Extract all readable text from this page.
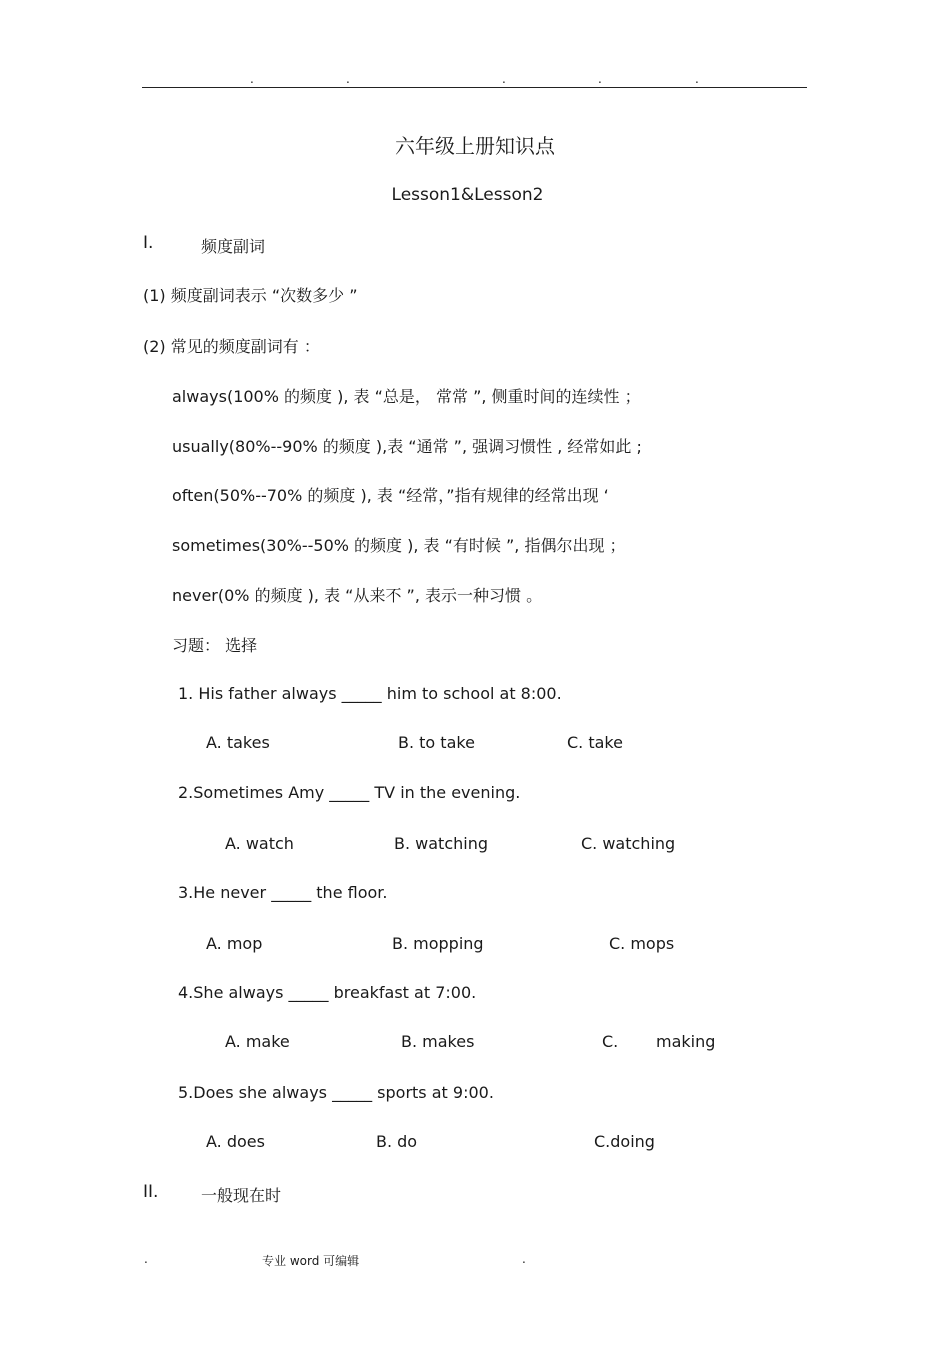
.	.	.	.	.
六年级上册知识点
Lesson1&Lesson2
I.	频度副词
(1) 频度副词表示 “次数多少 ”
(2) 常见的频度副词有 ：
always(100% 的频度 ), 表 “总是， 常常 ”, 侧重时间的连续性 ；
usually(80%--90% 的频度 ),表 “通常 ”, 强调习惯性 , 经常如此 ;
often(50%--70% 的频度 ), 表 “经常，”指有规律的经常出现 ‘
sometimes(30%--50% 的频度 ), 表 “有时候 ”, 指偶尔出现 ；
never(0% 的频度 ), 表 “从来不 ”, 表示一种习惯 。
习题： 选择
1. His father always _____ him to school at 8:00.
A. takes	B. to take	C. take
2.Sometimes Amy _____ TV in the evening.
A. watch	B. watching	C. watching
3.He never _____ the floor.
A. mop	B. mopping	C. mops
4.She always _____ breakfast at 7:00.
A. make	B. makes	C. making
5.Does she always _____ sports at 9:00.
A. does	B. do	C.doing
II.	一般现在时
.	专业 word 可编辑	.
